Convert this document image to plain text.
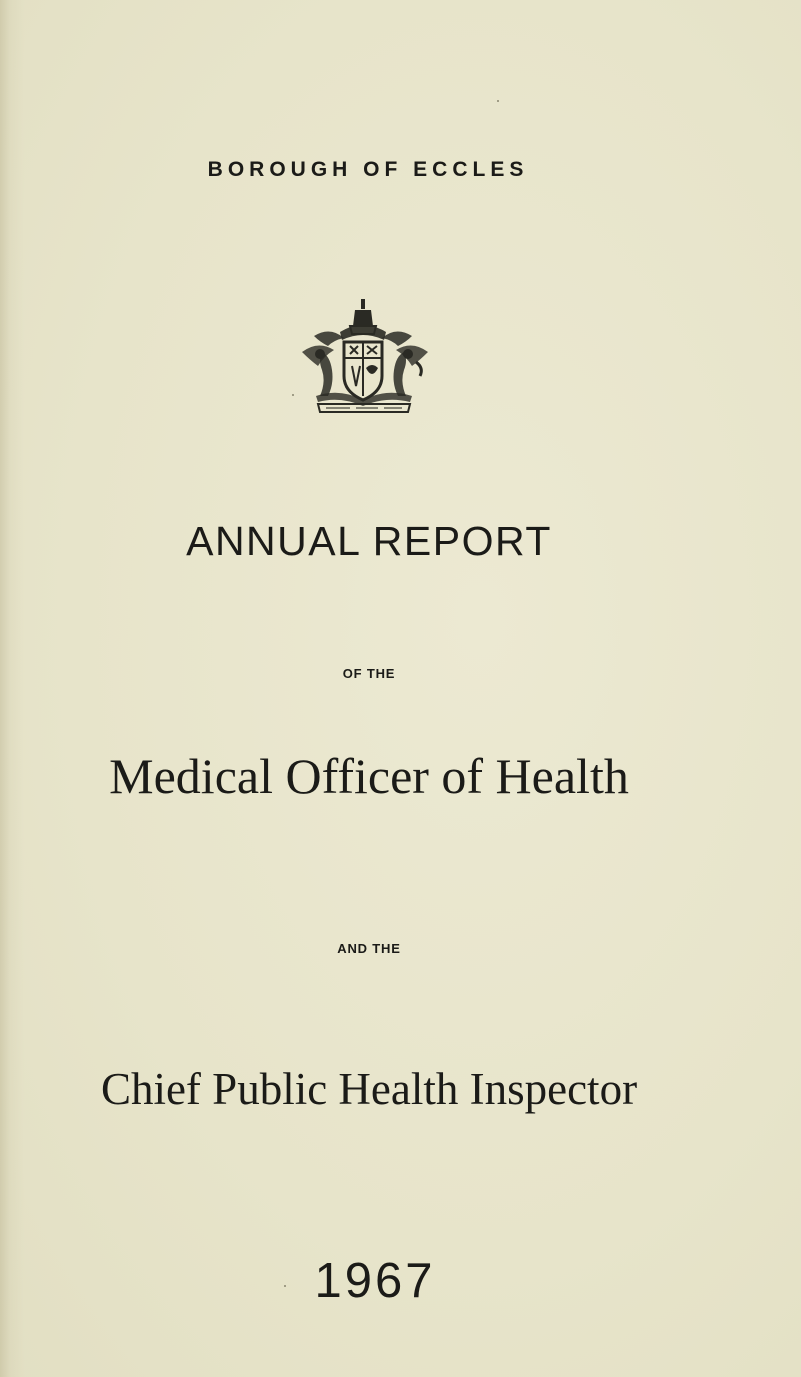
BOROUGH OF ECCLES
ANNUAL REPORT
OF THE
Medical Officer of Health
AND THE
Chief Public Health Inspector
1967
